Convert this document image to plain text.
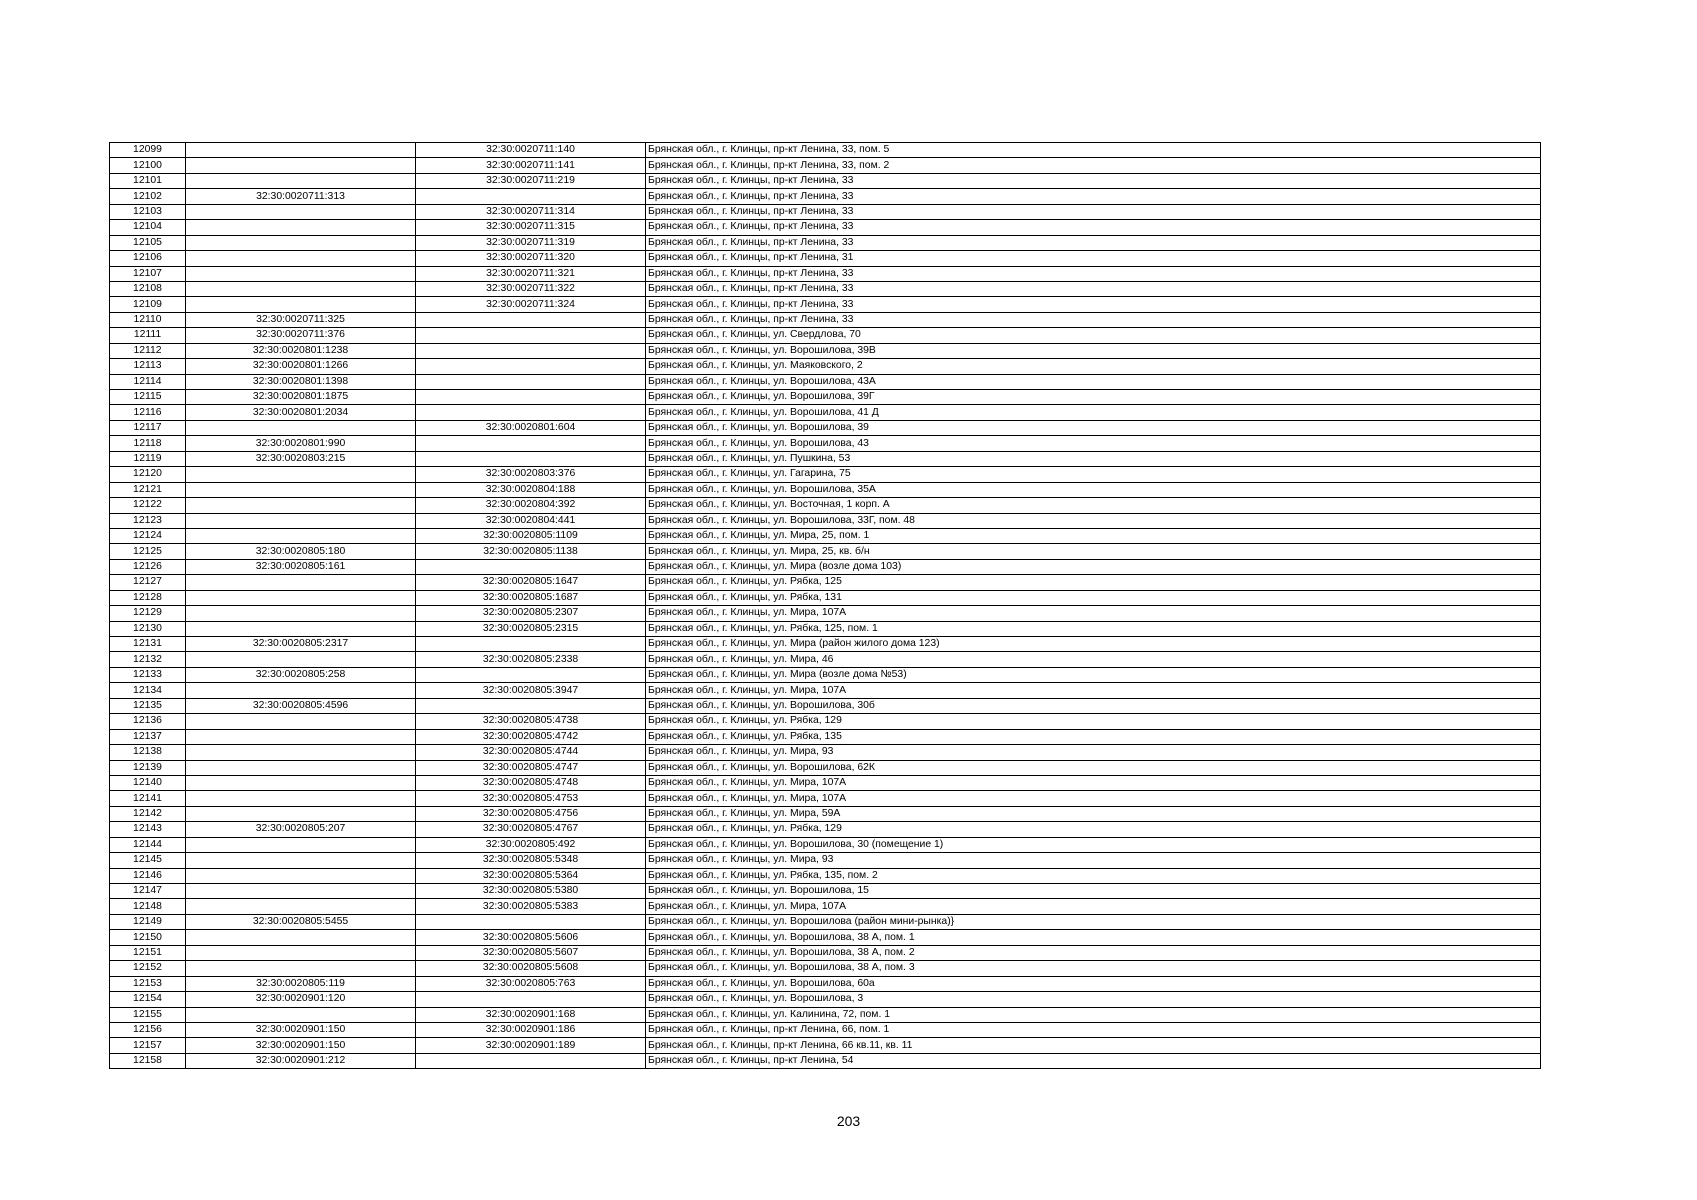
12099		32:30:0020711:140	Брянская обл., г. Клинцы, пр-кт Ленина, 33, пом. 5
12100		32:30:0020711:141	Брянская обл., г. Клинцы, пр-кт Ленина, 33, пом. 2
12101		32:30:0020711:219	Брянская обл., г. Клинцы, пр-кт Ленина, 33
12102	32:30:0020711:313		Брянская обл., г. Клинцы, пр-кт Ленина, 33
12103		32:30:0020711:314	Брянская обл., г. Клинцы, пр-кт Ленина, 33
12104		32:30:0020711:315	Брянская обл., г. Клинцы, пр-кт Ленина, 33
12105		32:30:0020711:319	Брянская обл., г. Клинцы, пр-кт Ленина, 33
12106		32:30:0020711:320	Брянская обл., г. Клинцы, пр-кт Ленина, 31
12107		32:30:0020711:321	Брянская обл., г. Клинцы, пр-кт Ленина, 33
12108		32:30:0020711:322	Брянская обл., г. Клинцы, пр-кт Ленина, 33
12109		32:30:0020711:324	Брянская обл., г. Клинцы, пр-кт Ленина, 33
12110	32:30:0020711:325		Брянская обл., г. Клинцы, пр-кт Ленина, 33
12111	32:30:0020711:376		Брянская обл., г. Клинцы, ул. Свердлова, 70
12112	32:30:0020801:1238		Брянская обл., г. Клинцы, ул. Ворошилова, 39В
12113	32:30:0020801:1266		Брянская обл., г. Клинцы, ул. Маяковского, 2
12114	32:30:0020801:1398		Брянская обл., г. Клинцы, ул. Ворошилова, 43А
12115	32:30:0020801:1875		Брянская обл., г. Клинцы, ул. Ворошилова, 39Г
12116	32:30:0020801:2034		Брянская обл., г. Клинцы, ул. Ворошилова, 41 Д
12117		32:30:0020801:604	Брянская обл., г. Клинцы, ул. Ворошилова, 39
12118	32:30:0020801:990		Брянская обл., г. Клинцы, ул. Ворошилова, 43
12119	32:30:0020803:215		Брянская обл., г. Клинцы, ул. Пушкина, 53
12120		32:30:0020803:376	Брянская обл., г. Клинцы, ул. Гагарина, 75
12121		32:30:0020804:188	Брянская обл., г. Клинцы, ул. Ворошилова, 35А
12122		32:30:0020804:392	Брянская обл., г. Клинцы, ул. Восточная, 1 корп. А
12123		32:30:0020804:441	Брянская обл., г. Клинцы, ул. Ворошилова, 33Г, пом. 48
12124		32:30:0020805:1109	Брянская обл., г. Клинцы, ул. Мира, 25, пом. 1
12125	32:30:0020805:180	32:30:0020805:1138	Брянская обл., г. Клинцы, ул. Мира, 25, кв. б/н
12126	32:30:0020805:161		Брянская обл., г. Клинцы, ул. Мира (возле дома 103)
12127		32:30:0020805:1647	Брянская обл., г. Клинцы, ул. Рябка, 125
12128		32:30:0020805:1687	Брянская обл., г. Клинцы, ул. Рябка, 131
12129		32:30:0020805:2307	Брянская обл., г. Клинцы, ул. Мира, 107А
12130		32:30:0020805:2315	Брянская обл., г. Клинцы, ул. Рябка, 125, пом. 1
12131	32:30:0020805:2317		Брянская обл., г. Клинцы, ул. Мира (район жилого дома 123)
12132		32:30:0020805:2338	Брянская обл., г. Клинцы, ул. Мира, 46
12133	32:30:0020805:258		Брянская обл., г. Клинцы, ул. Мира (возле дома №53)
12134		32:30:0020805:3947	Брянская обл., г. Клинцы, ул. Мира, 107А
12135	32:30:0020805:4596		Брянская обл., г. Клинцы, ул. Ворошилова, 30б
12136		32:30:0020805:4738	Брянская обл., г. Клинцы, ул. Рябка, 129
12137		32:30:0020805:4742	Брянская обл., г. Клинцы, ул. Рябка, 135
12138		32:30:0020805:4744	Брянская обл., г. Клинцы, ул. Мира, 93
12139		32:30:0020805:4747	Брянская обл., г. Клинцы, ул. Ворошилова, 62К
12140		32:30:0020805:4748	Брянская обл., г. Клинцы, ул. Мира, 107А
12141		32:30:0020805:4753	Брянская обл., г. Клинцы, ул. Мира, 107А
12142		32:30:0020805:4756	Брянская обл., г. Клинцы, ул. Мира, 59А
12143	32:30:0020805:207	32:30:0020805:4767	Брянская обл., г. Клинцы, ул. Рябка, 129
12144		32:30:0020805:492	Брянская обл., г. Клинцы, ул. Ворошилова, 30 (помещение 1)
12145		32:30:0020805:5348	Брянская обл., г. Клинцы, ул. Мира, 93
12146		32:30:0020805:5364	Брянская обл., г. Клинцы, ул. Рябка, 135, пом. 2
12147		32:30:0020805:5380	Брянская обл., г. Клинцы, ул. Ворошилова, 15
12148		32:30:0020805:5383	Брянская обл., г. Клинцы, ул. Мира, 107А
12149	32:30:0020805:5455		Брянская обл., г. Клинцы, ул. Ворошилова (район мини-рынка)}
12150		32:30:0020805:5606	Брянская обл., г. Клинцы, ул. Ворошилова, 38 А, пом. 1
12151		32:30:0020805:5607	Брянская обл., г. Клинцы, ул. Ворошилова, 38 А, пом. 2
12152		32:30:0020805:5608	Брянская обл., г. Клинцы, ул. Ворошилова, 38 А, пом. 3
12153	32:30:0020805:119	32:30:0020805:763	Брянская обл., г. Клинцы, ул. Ворошилова, 60а
12154	32:30:0020901:120		Брянская обл., г. Клинцы, ул. Ворошилова, 3
12155		32:30:0020901:168	Брянская обл., г. Клинцы, ул. Калинина, 72, пом. 1
12156	32:30:0020901:150	32:30:0020901:186	Брянская обл., г. Клинцы, пр-кт Ленина, 66, пом. 1
12157	32:30:0020901:150	32:30:0020901:189	Брянская обл., г. Клинцы, пр-кт Ленина, 66 кв.11, кв. 11
12158	32:30:0020901:212		Брянская обл., г. Клинцы, пр-кт Ленина, 54
203
